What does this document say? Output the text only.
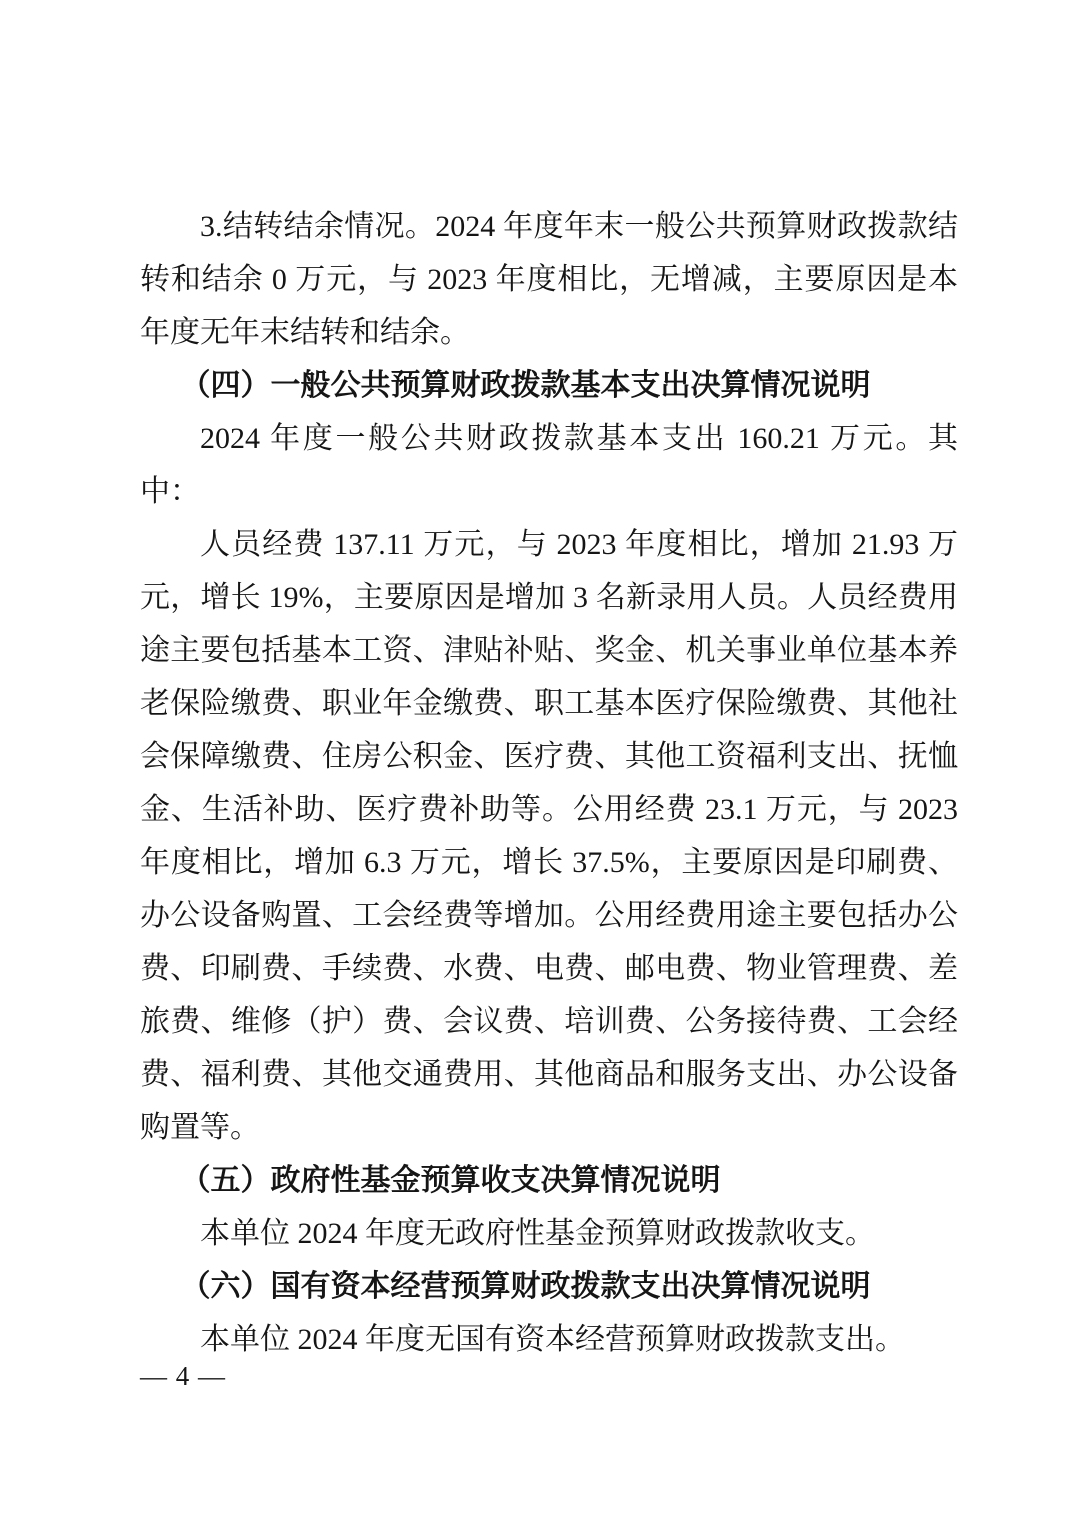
3.结转结余情况。2024 年度年末一般公共预算财政拨款结转和结余 0 万元，与 2023 年度相比，无增减，主要原因是本年度无年末结转和结余。

（四）一般公共预算财政拨款基本支出决算情况说明

2024 年度一般公共财政拨款基本支出 160.21 万元。其中：

人员经费 137.11 万元，与 2023 年度相比，增加 21.93 万元，增长 19%，主要原因是增加 3 名新录用人员。人员经费用途主要包括基本工资、津贴补贴、奖金、机关事业单位基本养老保险缴费、职业年金缴费、职工基本医疗保险缴费、其他社会保障缴费、住房公积金、医疗费、其他工资福利支出、抚恤金、生活补助、医疗费补助等。公用经费 23.1 万元，与 2023 年度相比，增加 6.3 万元，增长 37.5%，主要原因是印刷费、办公设备购置、工会经费等增加。公用经费用途主要包括办公费、印刷费、手续费、水费、电费、邮电费、物业管理费、差旅费、维修（护）费、会议费、培训费、公务接待费、工会经费、福利费、其他交通费用、其他商品和服务支出、办公设备购置等。

（五）政府性基金预算收支决算情况说明

本单位 2024 年度无政府性基金预算财政拨款收支。

（六）国有资本经营预算财政拨款支出决算情况说明

本单位 2024 年度无国有资本经营预算财政拨款支出。

— 4 —
